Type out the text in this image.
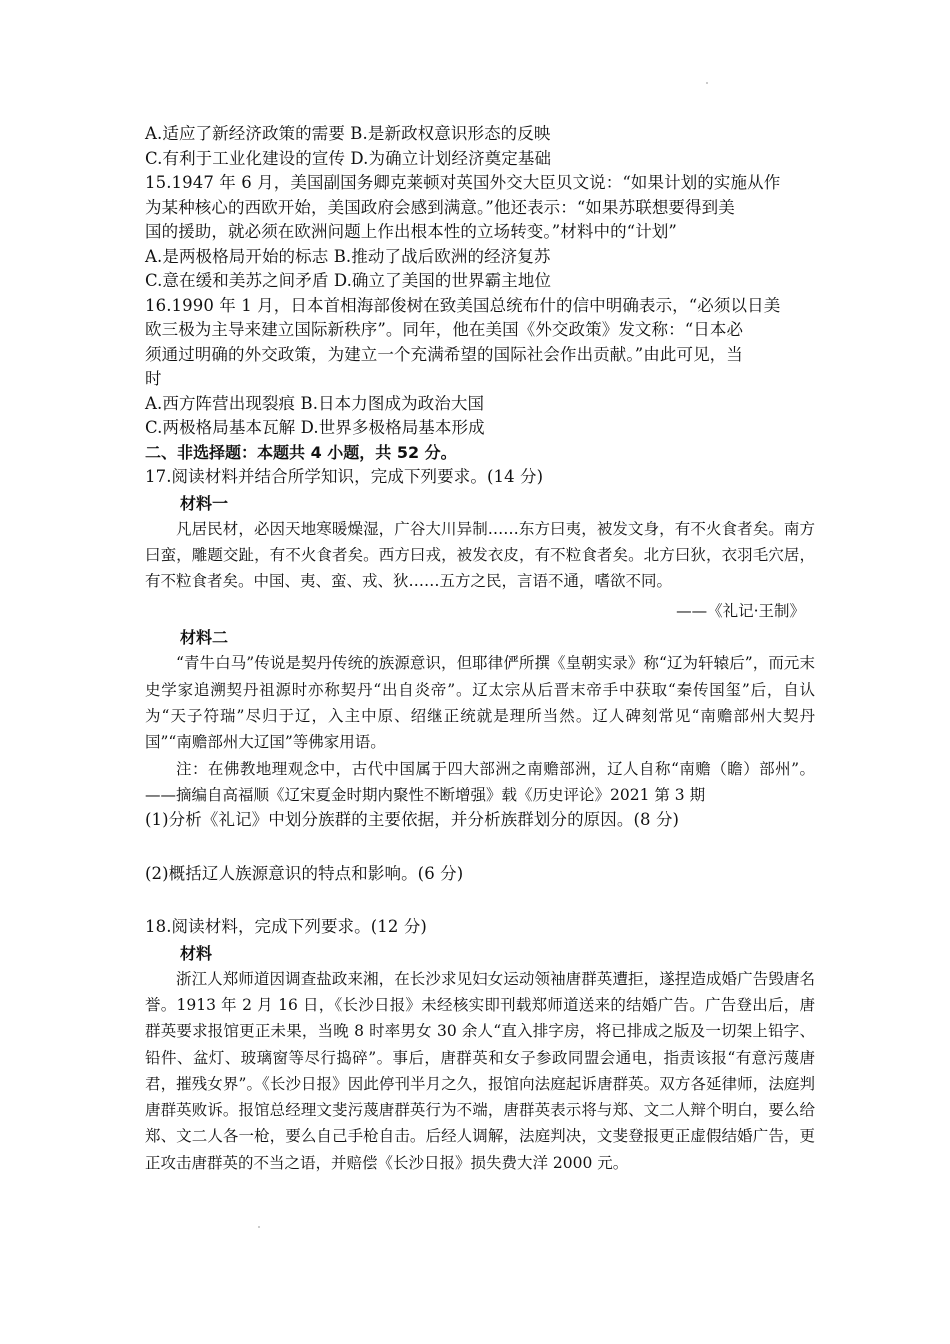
A.适应了新经济政策的需要 B.是新政权意识形态的反映
C.有利于工业化建设的宣传 D.为确立计划经济奠定基础
15.1947 年 6 月，美国副国务卿克莱顿对英国外交大臣贝文说：“如果计划的实施从作
为某种核心的西欧开始，美国政府会感到满意。”他还表示：“如果苏联想要得到美
国的援助，就必须在欧洲问题上作出根本性的立场转变。”材料中的“计划”
A.是两极格局开始的标志 B.推动了战后欧洲的经济复苏
C.意在缓和美苏之间矛盾 D.确立了美国的世界霸主地位
16.1990 年 1 月，日本首相海部俊树在致美国总统布什的信中明确表示，“必须以日美
欧三极为主导来建立国际新秩序”。同年，他在美国《外交政策》发文称：“日本必
须通过明确的外交政策，为建立一个充满希望的国际社会作出贡献。”由此可见，当
时
A.西方阵营出现裂痕 B.日本力图成为政治大国
C.两极格局基本瓦解 D.世界多极格局基本形成
二、非选择题：本题共 4 小题，共 52 分。
17.阅读材料并结合所学知识，完成下列要求。(14 分)
材料一

凡居民材，必因天地寒暖燥湿，广谷大川异制……东方曰夷，被发文身，有不火食者矣。南方曰蛮，雕题交趾，有不火食者矣。西方曰戎，被发衣皮，有不粒食者矣。北方曰狄，衣羽毛穴居，有不粒食者矣。中国、夷、蛮、戎、狄……五方之民，言语不通，嗜欲不同。

——《礼记·王制》
材料二

“青牛白马”传说是契丹传统的族源意识，但耶律俨所撰《皇朝实录》称“辽为轩辕后”，而元末史学家追溯契丹祖源时亦称契丹“出自炎帝”。辽太宗从后晋末帝手中获取“秦传国玺”后，自认为“天子符瑞”尽归于辽，入主中原、绍继正统就是理所当然。辽人碑刻常见“南赡部州大契丹国”“南赡部州大辽国”等佛家用语。

注：在佛教地理观念中，古代中国属于四大部洲之南赡部洲，辽人自称“南赡（瞻）部州”。——摘编自高福顺《辽宋夏金时期内聚性不断增强》载《历史评论》2021 第 3 期

(1)分析《礼记》中划分族群的主要依据，并分析族群划分的原因。(8 分)
(2)概括辽人族源意识的特点和影响。(6 分)
18.阅读材料，完成下列要求。(12 分)
材料

浙江人郑师道因调查盐政来湘，在长沙求见妇女运动领袖唐群英遭拒，遂捏造成婚广告毁唐名誉。1913 年 2 月 16 日，《长沙日报》未经核实即刊载郑师道送来的结婚广告。广告登出后，唐群英要求报馆更正未果，当晚 8 时率男女 30 余人“直入排字房，将已排成之版及一切架上铅字、铅件、盆灯、玻璃窗等尽行捣碎”。事后，唐群英和女子参政同盟会通电，指责该报“有意污蔑唐君，摧残女界”。《长沙日报》因此停刊半月之久，报馆向法庭起诉唐群英。双方各延律师，法庭判唐群英败诉。报馆总经理文斐污蔑唐群英行为不端，唐群英表示将与郑、文二人辩个明白，要么给郑、文二人各一枪，要么自己手枪自击。后经人调解，法庭判决，文斐登报更正虚假结婚广告，更正攻击唐群英的不当之语，并赔偿《长沙日报》损失费大洋 2000 元。
